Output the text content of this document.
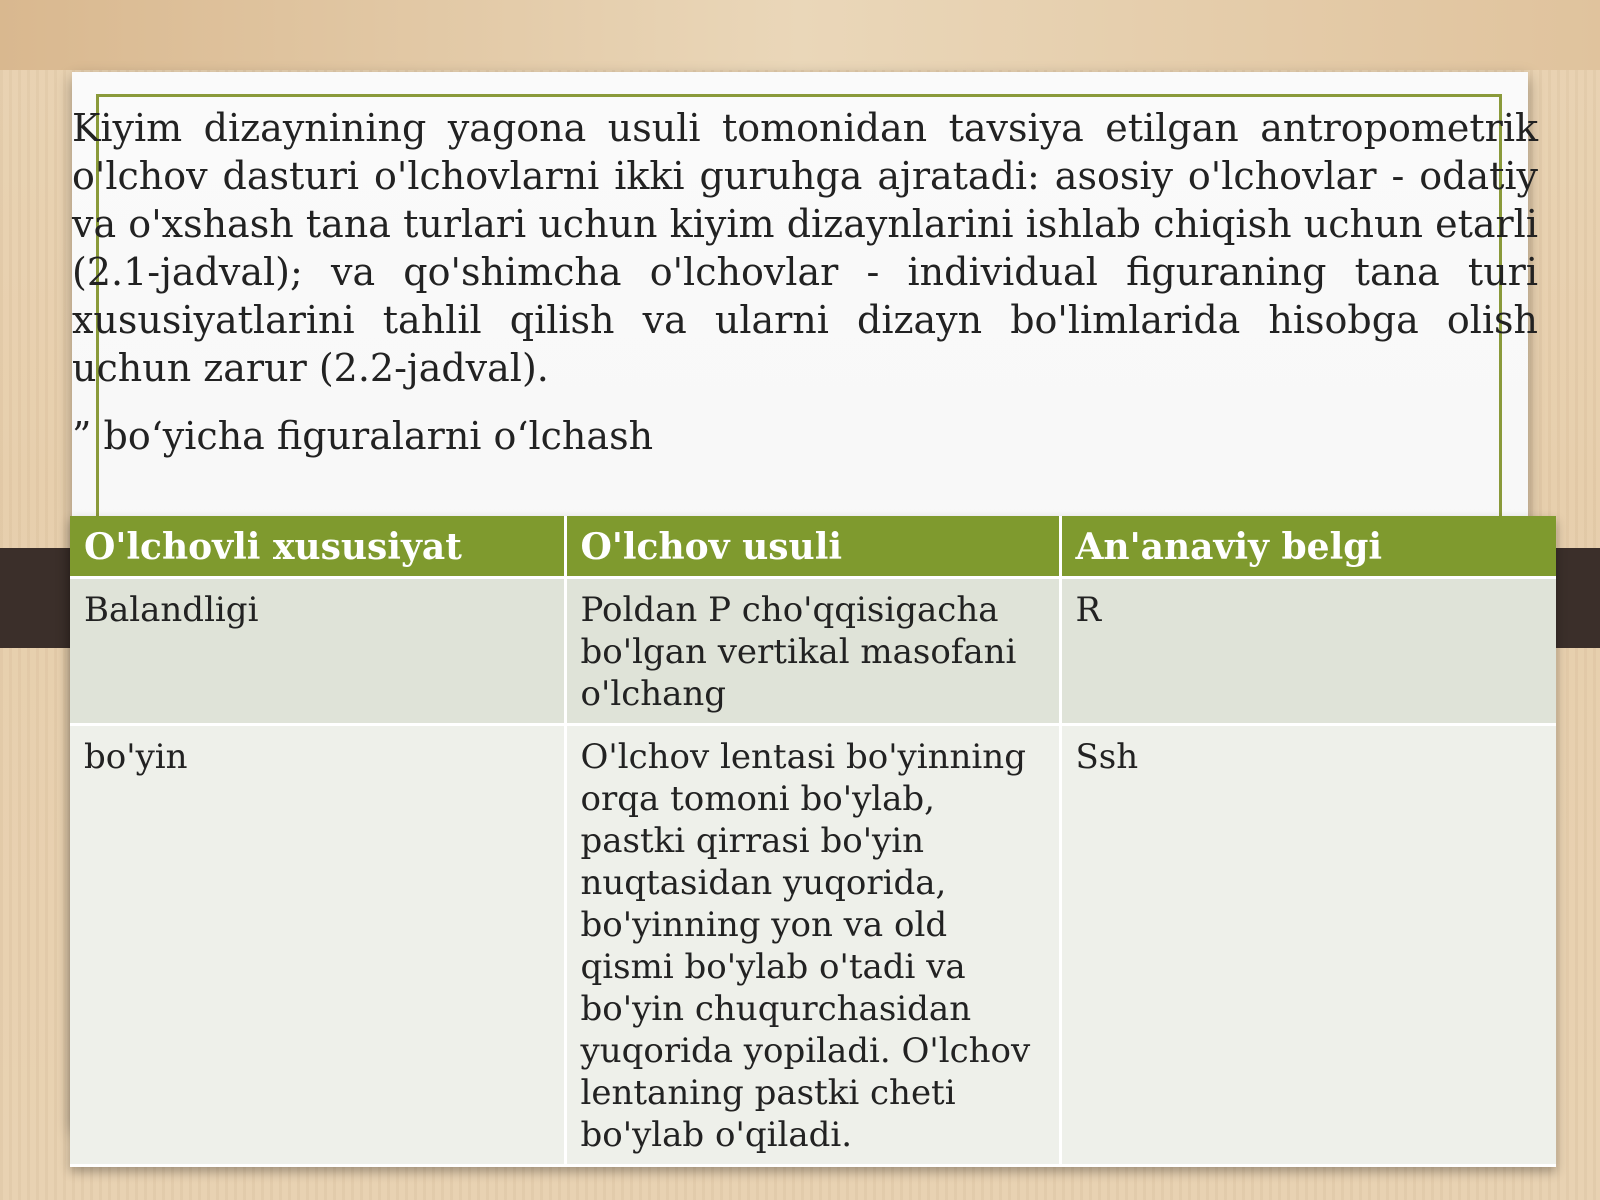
Kiyim dizaynining yagona usuli tomonidan tavsiya etilgan antropometrik o'lchov dasturi o'lchovlarni ikki guruhga ajratadi: asosiy o'lchovlar - odatiy va o'xshash tana turlari uchun kiyim dizaynlarini ishlab chiqish uchun etarli (2.1-jadval); va qo'shimcha o'lchovlar - individual figuraning tana turi xususiyatlarini tahlil qilish va ularni dizayn bo'limlarida hisobga olish uchun zarur (2.2-jadval).

” bo‘yicha figuralarni o‘lchash

O'lchovli xususiyat	O'lchov usuli	An'anaviy belgi
Balandligi	Poldan P cho'qqisigacha bo'lgan vertikal masofani o'lchang	R
bo'yin	O'lchov lentasi bo'yinning orqa tomoni bo'ylab, pastki qirrasi bo'yin nuqtasidan yuqorida, bo'yinning yon va old qismi bo'ylab o'tadi va bo'yin chuqurchasidan yuqorida yopiladi. O'lchov lentaning pastki cheti bo'ylab o'qiladi.	Ssh
